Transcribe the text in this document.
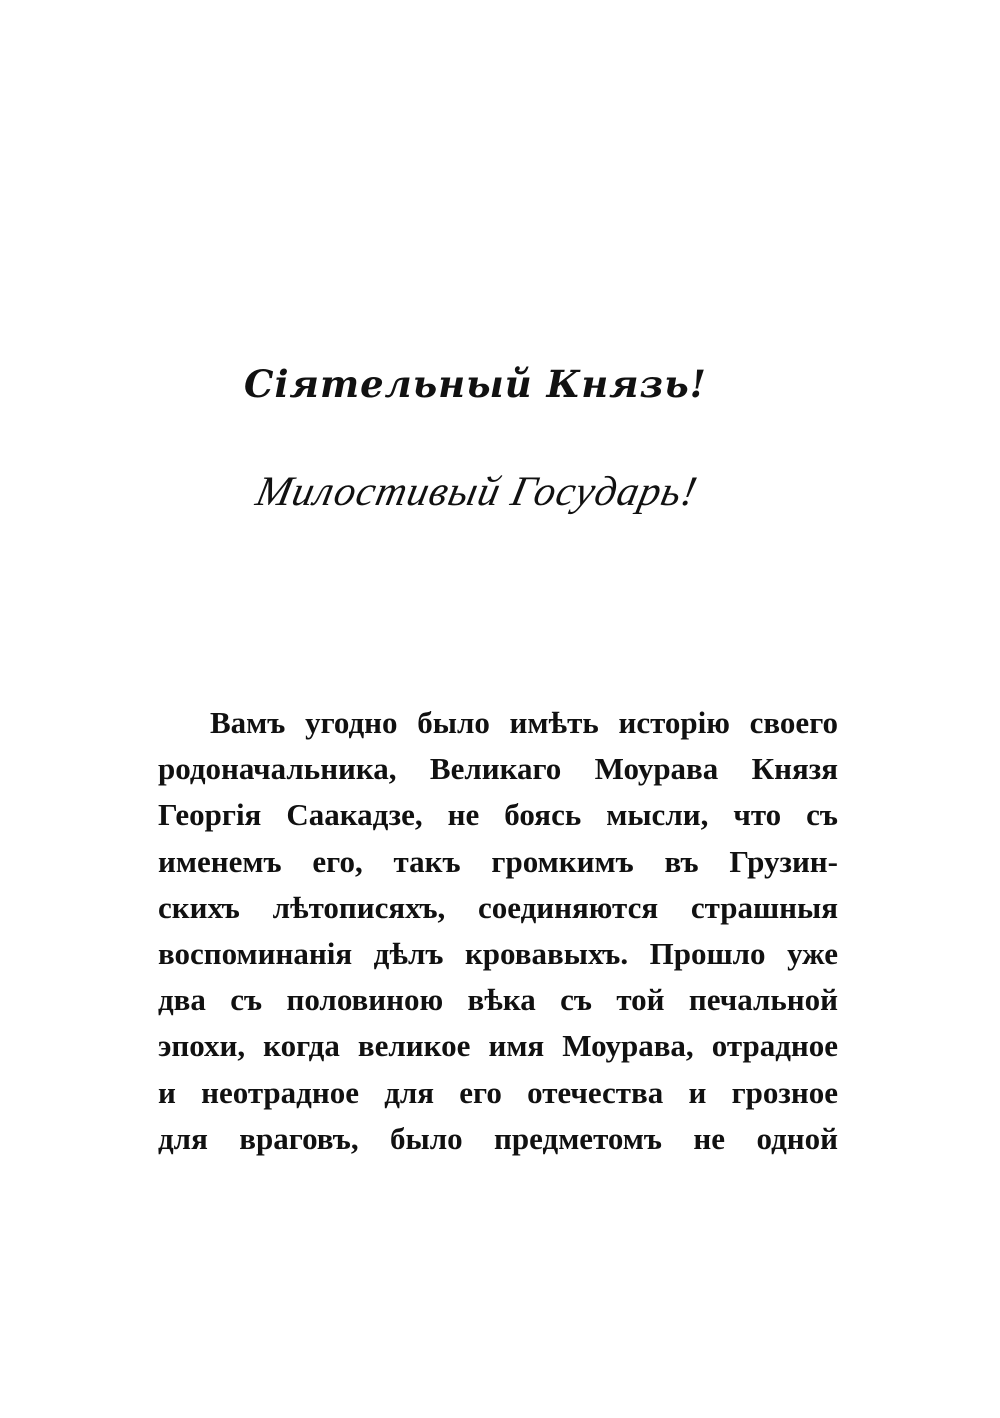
Сіятельный Князь!
Милостивый Государь!
Вамъ угодно было имѣть исторію своего
родоначальника, Великаго Моурава Князя
Георгія Саакадзе, не боясь мысли, что съ
именемъ его, такъ громкимъ въ Грузин-
скихъ лѣтописяхъ, соединяются страшныя
воспоминанія дѣлъ кровавыхъ. Прошло уже
два съ половиною вѣка съ той печальной
эпохи, когда великое имя Моурава, отрадное
и неотрадное для его отечества и грозное
для враговъ, было предметомъ не одной
